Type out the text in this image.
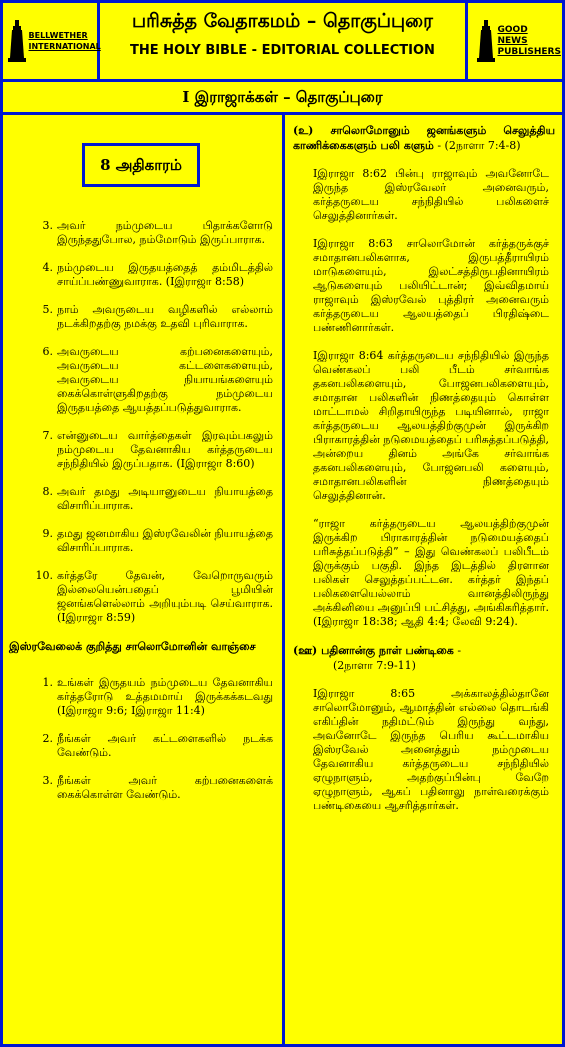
BELLWETHER INTERNATIONAL
பரிசுத்த வேதாகமம் – தொகுப்புரை
THE HOLY BIBLE - EDITORIAL COLLECTION
GOOD NEWS PUBLISHERS
I இராஜாக்கள் – தொகுப்புரை
8 அதிகாரம்
3. அவர் நம்முடைய பிதாக்களோடு இருந்ததுபோல, நம்மோடும் இருப்பாராக.
4. நம்முடைய இருதயத்தைத் தம்மிடத்தில் சாய்ப்பண்ணுவாராக. (Iஇராஜா 8:58)
5. நாம் அவருடைய வழிகளில் எல்லாம் நடக்கிறதற்கு நமக்கு உதவி புரிவாராக.
6. அவருடைய கற்பனைகளையும், அவருடைய கட்டளைகளையும், அவருடைய நியாயங்களையும் கைக்கொள்ளுகிறதற்கு நம்முடைய இருதயத்தை ஆயத்தப்படுத்துவாராக.
7. என்னுடைய வார்த்தைகள் இரவும்பகலும் நம்முடைய தேவனாகிய கர்த்தருடைய சந்நிதியில் இருப்பதாக. (Iஇராஜா 8:60)
8. அவர் தமது அடியானுடைய நியாயத்தை விசாரிப்பாராக.
9. தமது ஜனமாகிய இஸ்ரவேலின் நியாயத்தை விசாரிப்பாராக.
10. கர்த்தரே தேவன், வேறொருவரும் இல்லையென்பதைப் பூமியின் ஜனங்களெல்லாம் அறியும்படி செய்வாராக. (Iஇராஜா 8:59)
இஸ்ரவேலைக் குறித்து சாலொமோனின் வாஞ்சை
1. உங்கள் இருதயம் நம்முடைய தேவனாகிய கர்த்தரோடு உத்தமமாய் இருக்கக்கடவது (Iஇராஜா 9:6; Iஇராஜா 11:4)
2. நீங்கள் அவர் கட்டளைகளில் நடக்க வேண்டும்.
3. நீங்கள் அவர் கற்பனைகளைக் கைக்கொள்ள வேண்டும்.
(உ) சாலொமோனும் ஜனங்களும் செலுத்திய காணிக்கைகளும் பலி களும் - (2நாளா 7:4-8)
Iஇராஜா 8:62 பின்பு ராஜாவும் அவனோடே இருந்த இஸ்ரவேலர் அனைவரும், கர்த்தருடைய சந்நிதியில் பலிகளைச் செலுத்தினார்கள்.
Iஇராஜா 8:63 சாலொமோன் கர்த்தருக்குச் சமாதானபலிகளாக, இருபத்தீராயிரம் மாடுகளையும், இலட்சத்திருபதினாயிரம் ஆடுகளையும் பலியிட்டான்; இவ்விதமாய் ராஜாவும் இஸ்ரவேல் புத்திரர் அனைவரும் கர்த்தருடைய ஆலயத்தைப் பிரதிஷ்டை பண்ணினார்கள்.
Iஇராஜா 8:64 கர்த்தருடைய சந்நிதியில் இருந்த வெண்கலப் பலி பீடம் சர்வாங்க தகனபலிகளையும், போஜனபலிகளையும், சமாதான பலிகளின் நிணத்தையும் கொள்ள மாட்டாமல் சிறிதாயிருந்த படியினால், ராஜா கர்த்தருடைய ஆலயத்திற்குமுன் இருக்கிற பிராகாரத்தின் நடுமையத்தைப் பரிசுத்தப்படுத்தி, அன்றைய தினம் அங்கே சர்வாங்க தகனபலிகளையும், போஜனபலி களையும், சமாதானபலிகளின் நிணத்தையும் செலுத்தினான்.
“ராஜா கர்த்தருடைய ஆலயத்திற்குமுன் இருக்கிற பிராகாரத்தின் நடுமையத்தைப் பரிசுத்தப்படுத்தி” – இது வெண்கலப் பலிபீடம் இருக்கும் பகுதி. இந்த இடத்தில் திரளான பலிகள் செலுத்தப்பட்டன. கர்த்தர் இந்தப் பலிகளையெல்லாம் வானத்திலிருந்து அக்கினியை அனுப்பி பட்சித்து, அங்கிகரித்தார். (Iஇராஜா 18:38; ஆதி 4:4; லேவி 9:24).
(ஊ) பதினான்கு நாள் பண்டிகை -
(2நாளா 7:9-11)
Iஇராஜா 8:65 அக்காலத்தில்தானே சாலொமோனும், ஆமாத்தின் எல்லை தொடங்கி எகிப்தின் நதிமட்டும் இருந்து வந்து, அவனோடே இருந்த பெரிய கூட்டமாகிய இஸ்ரவேல் அனைத்தும் நம்முடைய தேவனாகிய கர்த்தருடைய சந்நிதியில் ஏழுநாளும், அதற்குப்பின்பு வேறே ஏழுநாளும், ஆகப் பதினாலு நாள்வரைக்கும் பண்டிகையை ஆசரித்தார்கள்.
